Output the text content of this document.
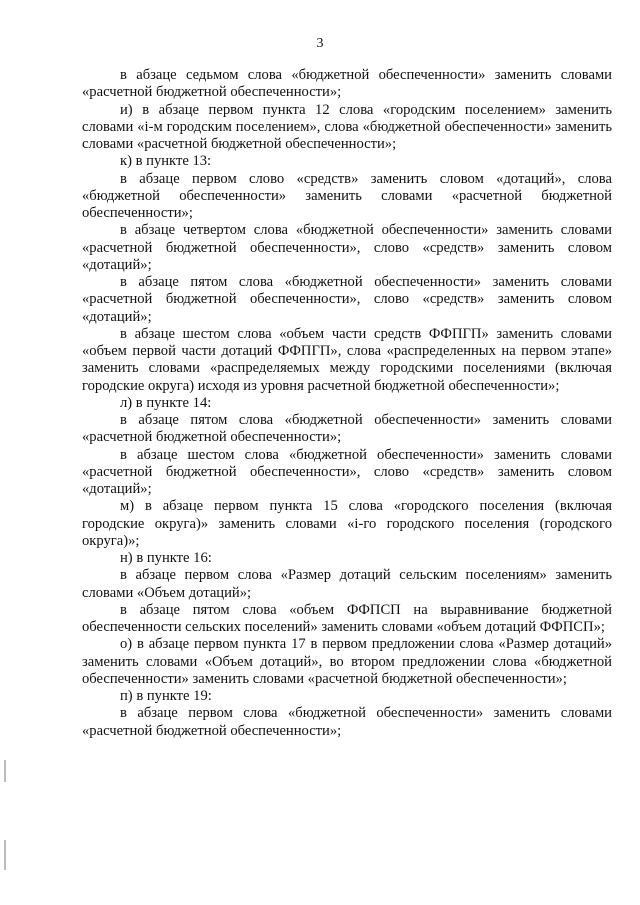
3

в абзаце седьмом слова «бюджетной обеспеченности» заменить словами «расчетной бюджетной обеспеченности»;

и) в абзаце первом пункта 12 слова «городским поселением» заменить словами «i-м городским поселением», слова «бюджетной обеспеченности» заменить словами «расчетной бюджетной обеспеченности»;

к) в пункте 13:

в абзаце первом слово «средств» заменить словом «дотаций», слова «бюджетной обеспеченности» заменить словами «расчетной бюджетной обеспеченности»;

в абзаце четвертом слова «бюджетной обеспеченности» заменить словами «расчетной бюджетной обеспеченности», слово «средств» заменить словом «дотаций»;

в абзаце пятом слова «бюджетной обеспеченности» заменить словами «расчетной бюджетной обеспеченности», слово «средств» заменить словом «дотаций»;

в абзаце шестом слова «объем части средств ФФПГП» заменить словами «объем первой части дотаций ФФПГП», слова «распределенных на первом этапе» заменить словами «распределяемых между городскими поселениями (включая городские округа) исходя из уровня расчетной бюджетной обеспеченности»;

л) в пункте 14:

в абзаце пятом слова «бюджетной обеспеченности» заменить словами «расчетной бюджетной обеспеченности»;

в абзаце шестом слова «бюджетной обеспеченности» заменить словами «расчетной бюджетной обеспеченности», слово «средств» заменить словом «дотаций»;

м) в абзаце первом пункта 15 слова «городского поселения (включая городские округа)» заменить словами «i-го городского поселения (городского округа)»;

н) в пункте 16:

в абзаце первом слова «Размер дотаций сельским поселениям» заменить словами «Объем дотаций»;

в абзаце пятом слова «объем ФФПСП на выравнивание бюджетной обеспеченности сельских поселений» заменить словами «объем дотаций ФФПСП»;

о) в абзаце первом пункта 17 в первом предложении слова «Размер дотаций» заменить словами «Объем дотаций», во втором предложении слова «бюджетной обеспеченности» заменить словами «расчетной бюджетной обеспеченности»;

п) в пункте 19:

в абзаце первом слова «бюджетной обеспеченности» заменить словами «расчетной бюджетной обеспеченности»;
